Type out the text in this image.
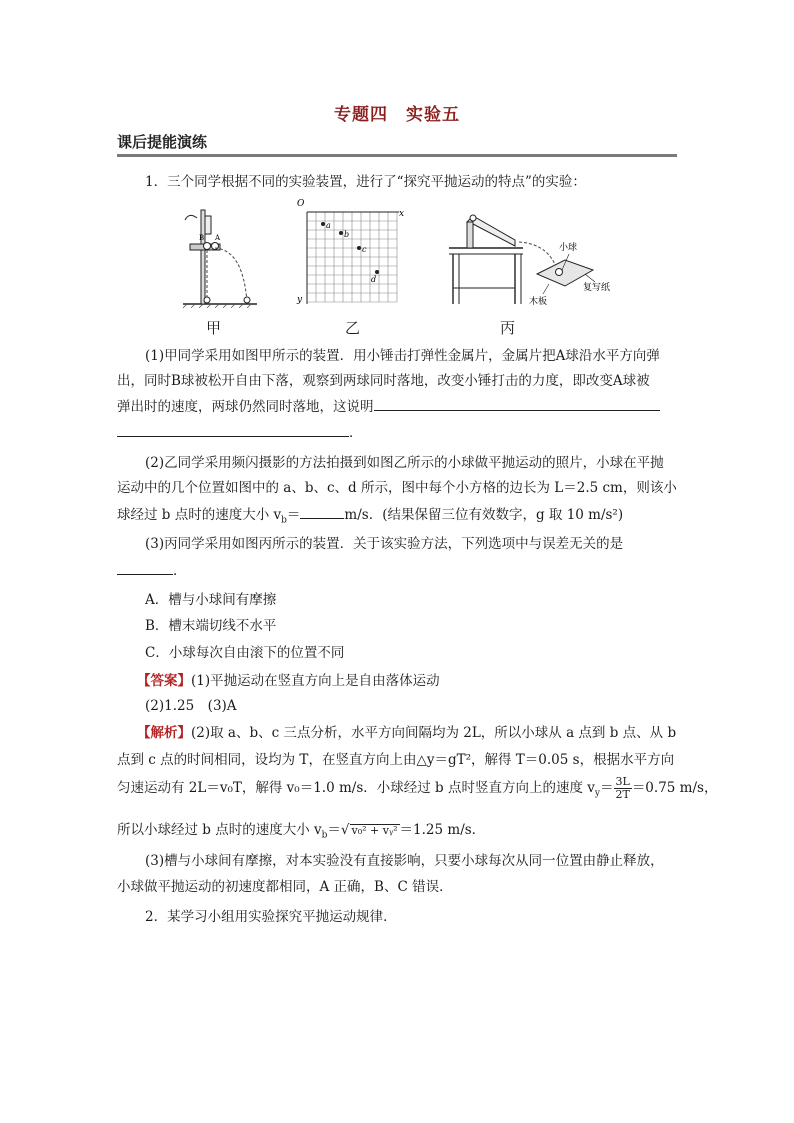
专题四　实验五
课后提能演练
1．三个同学根据不同的实验装置，进行了“探究平抛运动的特点”的实验：
B A
O
x
y
a
b
c
d
小球
复写纸
木板
甲	乙	丙
(1)甲同学采用如图甲所示的装置．用小锤击打弹性金属片，金属片把A球沿水平方向弹
出，同时B球被松开自由下落，观察到两球同时落地，改变小锤打击的力度，即改变A球被
弹出时的速度，两球仍然同时落地，这说明
．
(2)乙同学采用频闪摄影的方法拍摄到如图乙所示的小球做平抛运动的照片，小球在平抛
运动中的几个位置如图中的 a、b、c、d 所示，图中每个小方格的边长为 L＝2.5 cm，则该小
球经过 b 点时的速度大小 $v_b=$	m/s．(结果保留三位有效数字，g 取 10 m/s²)
(3)丙同学采用如图丙所示的装置．关于该实验方法，下列选项中与误差无关的是
．
A．槽与小球间有摩擦
B．槽末端切线不水平
C．小球每次自由滚下的位置不同
【答案】(1)平抛运动在竖直方向上是自由落体运动
(2)1.25　(3)A
【解析】(2)取 a、b、c 三点分析，水平方向间隔均为 2L，所以小球从 a 点到 b 点、从 b
点到 c 点的时间相同，设均为 T，在竖直方向上由△y＝gT²，解得 T＝0.05 s，根据水平方向
匀速运动有 2L＝v₀T，解得 v₀＝1.0 m/s．小球经过 b 点时竖直方向上的速度 $v_y= \frac{3L}{2T} =0.75$ m/s，
所以小球经过 b 点时的速度大小 $v_b=√$ v₀² + vᵧ² ＝1.25 m/s．
(3)槽与小球间有摩擦，对本实验没有直接影响，只要小球每次从同一位置由静止释放，
小球做平抛运动的初速度都相同，A 正确，B、C 错误．
2．某学习小组用实验探究平抛运动规律．
